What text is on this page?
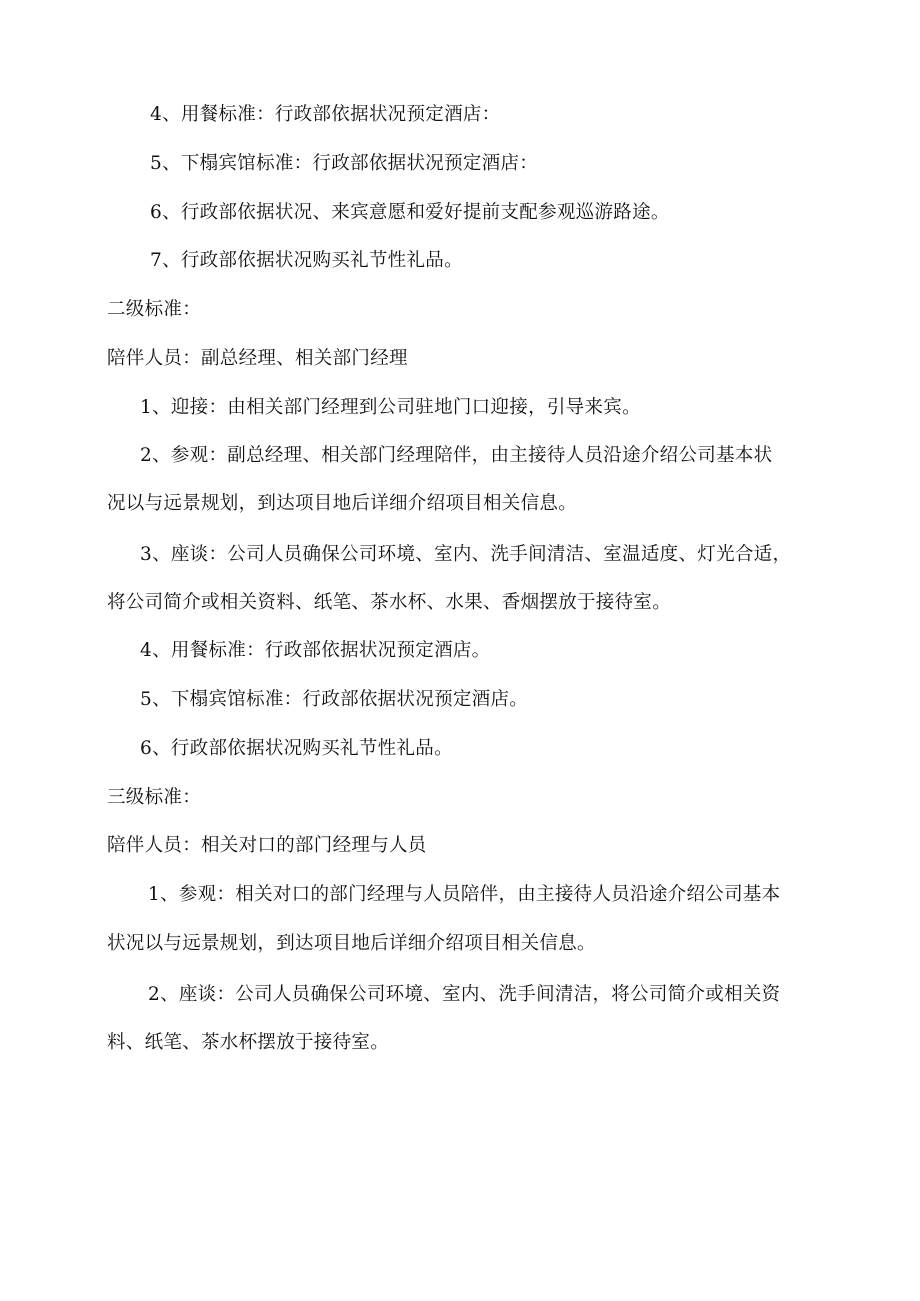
4、用餐标准：行政部依据状况预定酒店：
5、下榻宾馆标准：行政部依据状况预定酒店：
6、行政部依据状况、来宾意愿和爱好提前支配参观巡游路途。
7、行政部依据状况购买礼节性礼品。
二级标准：
陪伴人员：副总经理、相关部门经理
1、迎接：由相关部门经理到公司驻地门口迎接，引导来宾。
2、参观：副总经理、相关部门经理陪伴，由主接待人员沿途介绍公司基本状
况以与远景规划，到达项目地后详细介绍项目相关信息。
3、座谈：公司人员确保公司环境、室内、洗手间清洁、室温适度、灯光合适，
将公司简介或相关资料、纸笔、茶水杯、水果、香烟摆放于接待室。
4、用餐标准：行政部依据状况预定酒店。
5、下榻宾馆标准：行政部依据状况预定酒店。
6、行政部依据状况购买礼节性礼品。
三级标准：
陪伴人员：相关对口的部门经理与人员
1、参观：相关对口的部门经理与人员陪伴，由主接待人员沿途介绍公司基本
状况以与远景规划，到达项目地后详细介绍项目相关信息。
2、座谈：公司人员确保公司环境、室内、洗手间清洁，将公司简介或相关资
料、纸笔、茶水杯摆放于接待室。
